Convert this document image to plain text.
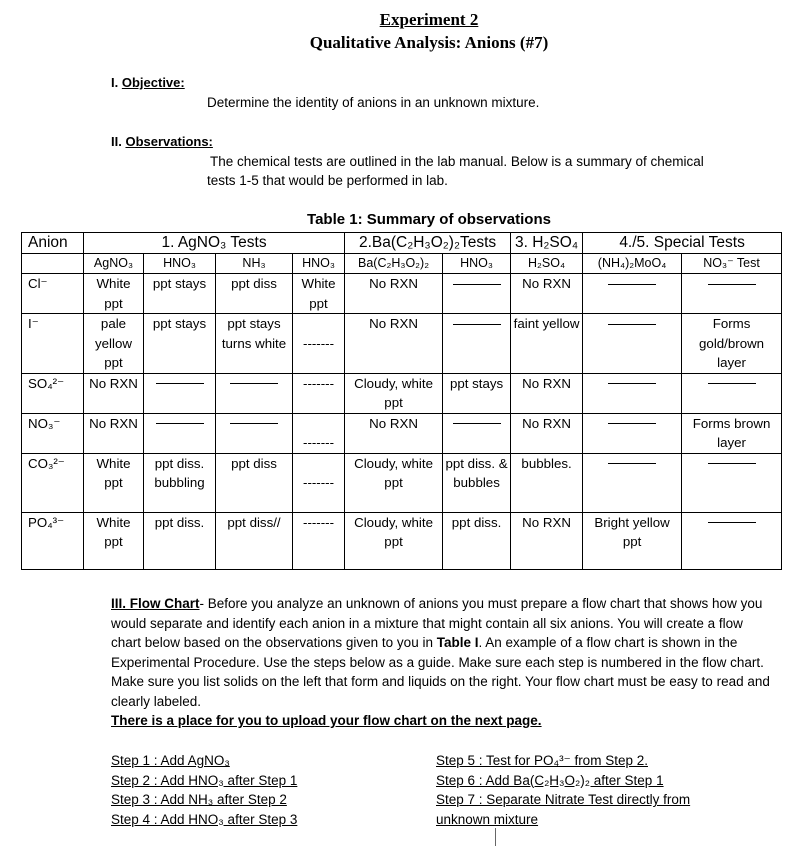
Experiment 2
Qualitative Analysis: Anions (#7)
I. Objective:
Determine the identity of anions in an unknown mixture.
II. Observations:
The chemical tests are outlined in the lab manual. Below is a summary of chemical
tests 1-5 that would be performed in lab.
Table 1: Summary of observations
Anion	1. AgNO₃ Tests				2.Ba(C₂H₃O₂)₂Tests		3. H₂SO₄	4./5. Special Tests	
	AgNO₃	HNO₃	NH₃	HNO₃	Ba(C₂H₃O₂)₂	HNO₃	H₂SO₄	(NH₄)₂MoO₄	NO₃⁻ Test
Cl⁻	White ppt	ppt stays	ppt diss	White ppt	No RXN		No RXN		
I⁻	pale yellow ppt	ppt stays	ppt stays turns white	-------	No RXN		faint yellow		Forms gold/brown layer
SO₄²⁻	No RXN			-------	Cloudy, white ppt	ppt stays	No RXN		
NO₃⁻	No RXN			-------	No RXN		No RXN		Forms brown layer
CO₃²⁻	White ppt	ppt diss. bubbling	ppt diss	-------	Cloudy, white ppt	ppt diss. & bubbles	bubbles.		
PO₄³⁻	White ppt	ppt diss.	ppt diss//	-------	Cloudy, white ppt	ppt diss.	No RXN	Bright yellow ppt	
III. Flow Chart- Before you analyze an unknown of anions you must prepare a flow chart that shows how you would separate and identify each anion in a mixture that might contain all six anions. You will create a flow chart below based on the observations given to you in Table I. An example of a flow chart is shown in the Experimental Procedure. Use the steps below as a guide. Make sure each step is numbered in the flow chart. Make sure you list solids on the left that form and liquids on the right. Your flow chart must be easy to read and clearly labeled.
There is a place for you to upload your flow chart on the next page.
Step 1 : Add AgNO₃
Step 2 : Add HNO₃ after Step 1
Step 3 : Add NH₃ after Step 2
Step 4 : Add HNO₃ after Step 3
Step 5 : Test for PO₄³⁻ from Step 2.
Step 6 : Add Ba(C₂H₃O₂)₂ after Step 1
Step 7 : Separate Nitrate Test directly from
unknown mixture
